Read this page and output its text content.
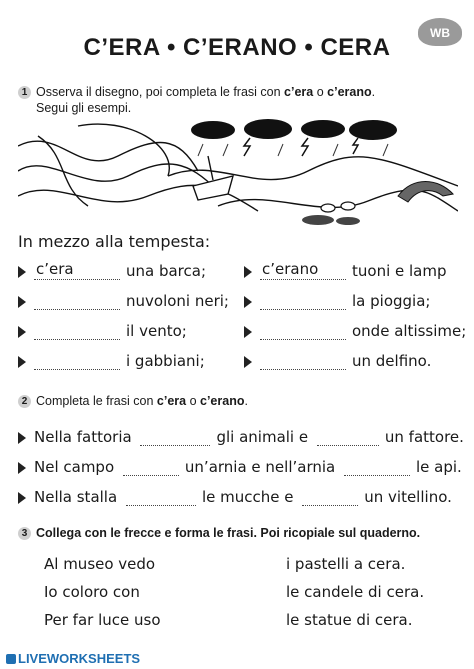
C’ERA • C’ERANO • CERA
WB
1 Osserva il disegno, poi completa le frasi con c’era o c’erano.
Segui gli esempi.
In mezzo alla tempesta:
c’era	una barca;
nuvoloni neri;
il vento;
i gabbiani;
c’erano tuoni e lamp
la pioggia;
onde altissime;
un delfino.
2 Completa le frasi con c’era o c’erano.
Nella fattoria	gli animali e	un fattore.
Nel campo	un’arnia e nell’arnia	le api.
Nella stalla	le mucche e	un vitellino.
3 Collega con le frecce e forma le frasi. Poi ricopiale sul quaderno.
Al museo vedo
Io coloro con
Per far luce uso
i pastelli a cera.
le candele di cera.
le statue di cera.
LIVEWORKSHEETS
